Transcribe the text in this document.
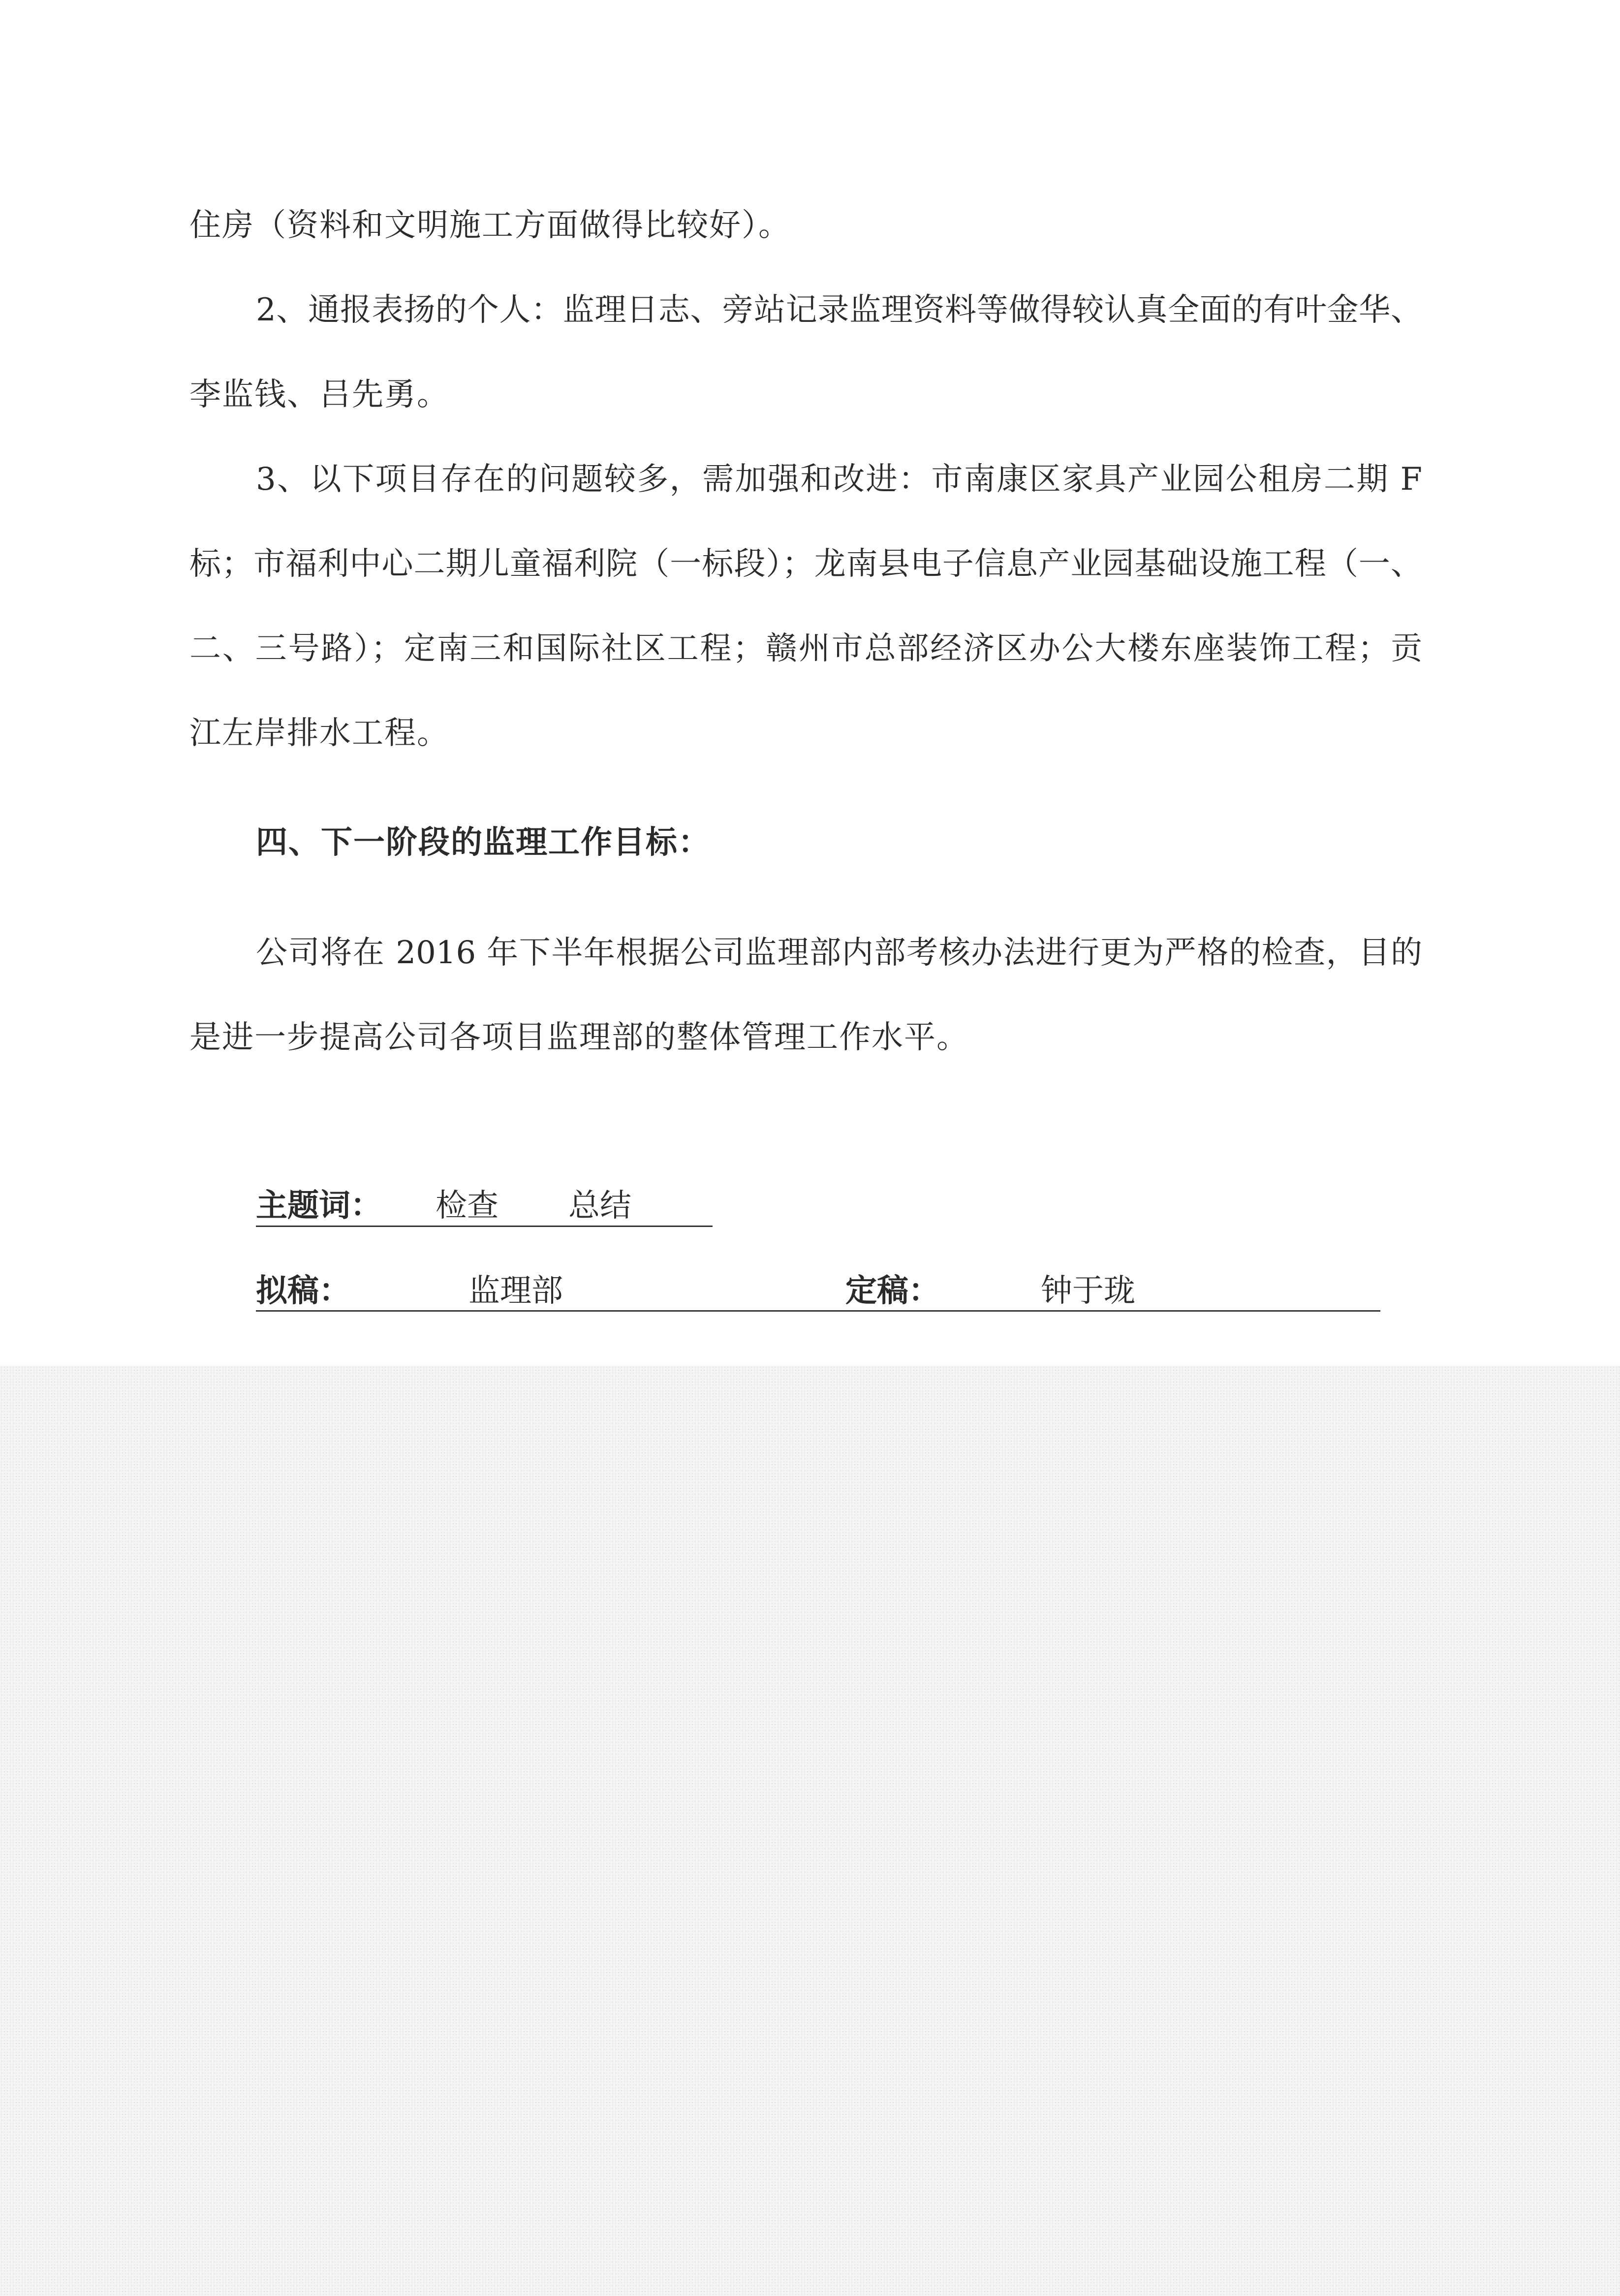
住房（资料和文明施工方面做得比较好）。
2、通报表扬的个人：监理日志、旁站记录监理资料等做得较认真全面的有叶金华、
李监钱、吕先勇。
3、以下项目存在的问题较多，需加强和改进：市南康区家具产业园公租房二期 F
标；市福利中心二期儿童福利院（一标段）；龙南县电子信息产业园基础设施工程（一、
二、三号路）；定南三和国际社区工程；赣州市总部经济区办公大楼东座装饰工程；贡
江左岸排水工程。
四、下一阶段的监理工作目标：
公司将在 2016 年下半年根据公司监理部内部考核办法进行更为严格的检查，目的
是进一步提高公司各项目监理部的整体管理工作水平。
主题词： 检查 总结
拟稿：	监理部	定稿：	钟于珑
